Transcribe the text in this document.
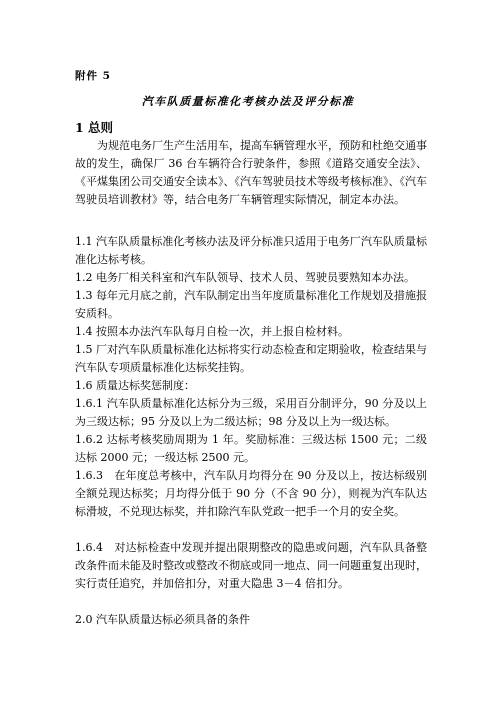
附件 5
汽车队质量标准化考核办法及评分标准
1 总则

为规范电务厂生产生活用车，提高车辆管理水平，预防和杜绝交通事故的发生，确保厂 36 台车辆符合行驶条件，参照《道路交通安全法》、《平煤集团公司交通安全读本》、《汽车驾驶员技术等级考核标准》、《汽车驾驶员培训教材》等，结合电务厂车辆管理实际情况，制定本办法。

1.1 汽车队质量标准化考核办法及评分标准只适用于电务厂汽车队质量标准化达标考核。

1.2 电务厂相关科室和汽车队领导、技术人员、驾驶员要熟知本办法。

1.3 每年元月底之前，汽车队制定出当年度质量标准化工作规划及措施报安质科。

1.4 按照本办法汽车队每月自检一次，并上报自检材料。

1.5 厂对汽车队质量标准化达标将实行动态检查和定期验收，检查结果与汽车队专项质量标准化达标奖挂钩。

1.6 质量达标奖惩制度：

1.6.1 汽车队质量标准化达标分为三级，采用百分制评分，90 分及以上为三级达标；95 分及以上为二级达标；98 分及以上为一级达标。

1.6.2 达标考核奖励周期为 1 年。奖励标准：三级达标 1500 元；二级达标 2000 元；一级达标 2500 元。

1.6.3　在年度总考核中，汽车队月均得分在 90 分及以上，按达标级别全额兑现达标奖；月均得分低于 90 分（不含 90 分），则视为汽车队达标滑坡，不兑现达标奖，并扣除汽车队党政一把手一个月的安全奖。

1.6.4　对达标检查中发现并提出限期整改的隐患或问题，汽车队具备整改条件而未能及时整改或整改不彻底或同一地点、同一问题重复出现时，实行责任追究，并加倍扣分，对重大隐患 3－4 倍扣分。

2.0 汽车队质量达标必须具备的条件
